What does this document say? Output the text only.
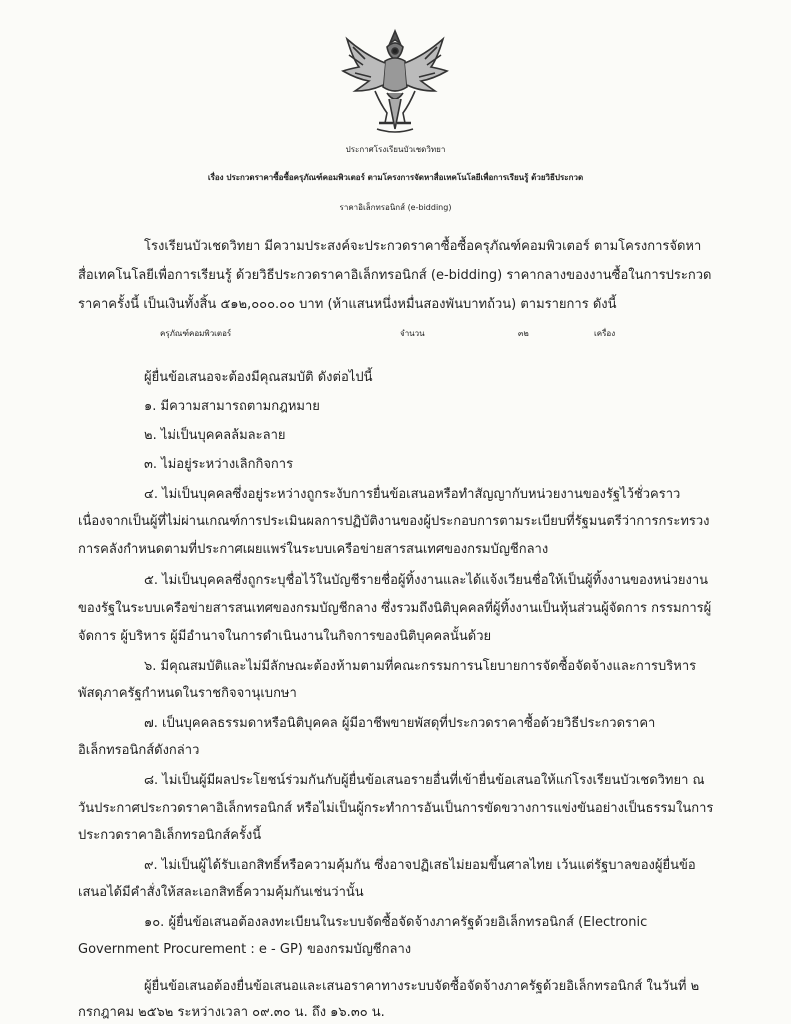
ประกาศโรงเรียนบัวเชดวิทยา
เรื่อง ประกวดราคาซื้อซื้อครุภัณฑ์คอมพิวเตอร์ ตามโครงการจัดหาสื่อเทคโนโลยีเพื่อการเรียนรู้ ด้วยวิธีประกวด
ราคาอิเล็กทรอนิกส์ (e-bidding)
โรงเรียนบัวเชดวิทยา มีความประสงค์จะประกวดราคาซื้อซื้อครุภัณฑ์คอมพิวเตอร์ ตามโครงการจัดหา
สื่อเทคโนโลยีเพื่อการเรียนรู้ ด้วยวิธีประกวดราคาอิเล็กทรอนิกส์ (e-bidding) ราคากลางของงานซื้อในการประกวด
ราคาครั้งนี้ เป็นเงินทั้งสิ้น ๕๑๒,๐๐๐.๐๐ บาท (ห้าแสนหนึ่งหมื่นสองพันบาทถ้วน) ตามรายการ ดังนี้
ครุภัณฑ์คอมพิวเตอร์	จำนวน	๓๒	เครื่อง
ผู้ยื่นข้อเสนอจะต้องมีคุณสมบัติ ดังต่อไปนี้
๑. มีความสามารถตามกฎหมาย
๒. ไม่เป็นบุคคลล้มละลาย
๓. ไม่อยู่ระหว่างเลิกกิจการ
๔. ไม่เป็นบุคคลซึ่งอยู่ระหว่างถูกระงับการยื่นข้อเสนอหรือทำสัญญากับหน่วยงานของรัฐไว้ชั่วคราว
เนื่องจากเป็นผู้ที่ไม่ผ่านเกณฑ์การประเมินผลการปฏิบัติงานของผู้ประกอบการตามระเบียบที่รัฐมนตรีว่าการกระทรวง
การคลังกำหนดตามที่ประกาศเผยแพร่ในระบบเครือข่ายสารสนเทศของกรมบัญชีกลาง
๕. ไม่เป็นบุคคลซึ่งถูกระบุชื่อไว้ในบัญชีรายชื่อผู้ทิ้งงานและได้แจ้งเวียนชื่อให้เป็นผู้ทิ้งงานของหน่วยงาน
ของรัฐในระบบเครือข่ายสารสนเทศของกรมบัญชีกลาง ซึ่งรวมถึงนิติบุคคลที่ผู้ทิ้งงานเป็นหุ้นส่วนผู้จัดการ กรรมการผู้
จัดการ ผู้บริหาร ผู้มีอำนาจในการดำเนินงานในกิจการของนิติบุคคลนั้นด้วย
๖. มีคุณสมบัติและไม่มีลักษณะต้องห้ามตามที่คณะกรรมการนโยบายการจัดซื้อจัดจ้างและการบริหาร
พัสดุภาครัฐกำหนดในราชกิจจานุเบกษา
๗. เป็นบุคคลธรรมดาหรือนิติบุคคล ผู้มีอาชีพขายพัสดุที่ประกวดราคาซื้อด้วยวิธีประกวดราคา
อิเล็กทรอนิกส์ดังกล่าว
๘. ไม่เป็นผู้มีผลประโยชน์ร่วมกันกับผู้ยื่นข้อเสนอรายอื่นที่เข้ายื่นข้อเสนอให้แก่โรงเรียนบัวเชดวิทยา ณ
วันประกาศประกวดราคาอิเล็กทรอนิกส์ หรือไม่เป็นผู้กระทำการอันเป็นการขัดขวางการแข่งขันอย่างเป็นธรรมในการ
ประกวดราคาอิเล็กทรอนิกส์ครั้งนี้
๙. ไม่เป็นผู้ได้รับเอกสิทธิ์หรือความคุ้มกัน ซึ่งอาจปฏิเสธไม่ยอมขึ้นศาลไทย เว้นแต่รัฐบาลของผู้ยื่นข้อ
เสนอได้มีคำสั่งให้สละเอกสิทธิ์ความคุ้มกันเช่นว่านั้น
๑๐. ผู้ยื่นข้อเสนอต้องลงทะเบียนในระบบจัดซื้อจัดจ้างภาครัฐด้วยอิเล็กทรอนิกส์ (Electronic
Government Procurement : e - GP) ของกรมบัญชีกลาง
ผู้ยื่นข้อเสนอต้องยื่นข้อเสนอและเสนอราคาทางระบบจัดซื้อจัดจ้างภาครัฐด้วยอิเล็กทรอนิกส์ ในวันที่ ๒
กรกฎาคม ๒๕๖๒ ระหว่างเวลา ๐๙.๓๐ น. ถึง ๑๖.๓๐ น.
